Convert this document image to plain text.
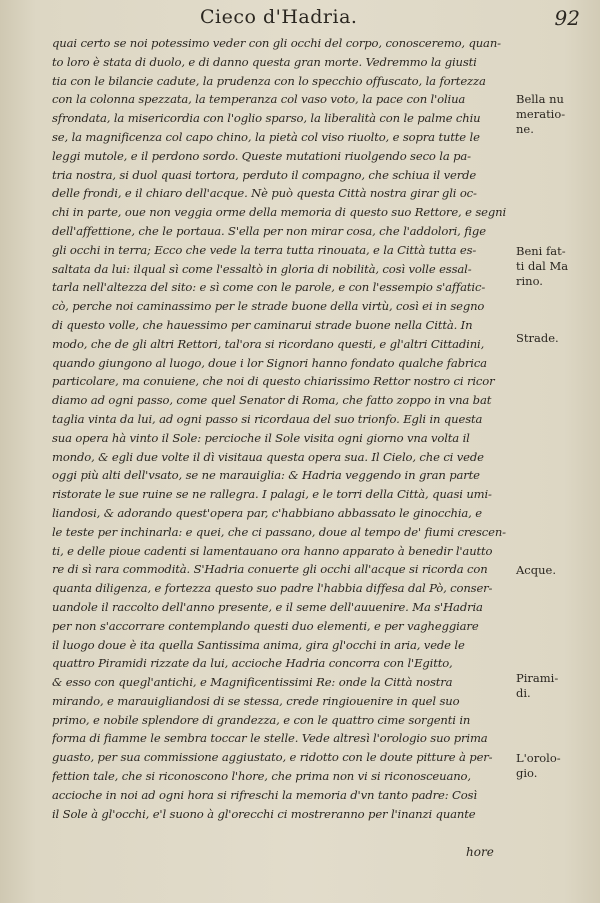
Cieco d'Hadria.	92
quai certo se noi potessimo veder con gli occhi del corpo, conosceremo, quan-
to loro è stata di duolo, e di danno questa gran morte. Vedremmo la giusti
tia con le bilancie cadute, la prudenza con lo specchio offuscato, la fortezza
con la colonna spezzata, la temperanza col vaso voto, la pace con l'oliua
sfrondata, la misericordia con l'oglio sparso, la liberalità con le palme chiu
se, la magnificenza col capo chino, la pietà col viso riuolto, e sopra tutte le
leggi mutole, e il perdono sordo. Queste mutationi riuolgendo seco la pa-
tria nostra, si duol quasi tortora, perduto il compagno, che schiua il verde
delle frondi, e il chiaro dell'acque. Nè può questa Città nostra girar gli oc-
chi in parte, oue non veggia orme della memoria di questo suo Rettore, e segni
dell'affettione, che le portaua. S'ella per non mirar cosa, che l'addolori, fige
gli occhi in terra; Ecco che vede la terra tutta rinouata, e la Città tutta es-
saltata da lui: ilqual sì come l'essaltò in gloria di nobilità, così volle essal-
tarla nell'altezza del sito: e sì come con le parole, e con l'essempio s'affatic-
cò, perche noi caminassimo per le strade buone della virtù, così ei in segno
di questo volle, che hauessimo per caminarui strade buone nella Città. In
modo, che de gli altri Rettori, tal'ora si ricordano questi, e gl'altri Cittadini,
quando giungono al luogo, doue i lor Signori hanno fondato qualche fabrica
particolare, ma conuiene, che noi di questo chiarissimo Rettor nostro ci ricor
diamo ad ogni passo, come quel Senator di Roma, che fatto zoppo in vna bat
taglia vinta da lui, ad ogni passo si ricordaua del suo trionfo. Egli in questa
sua opera hà vinto il Sole: percioche il Sole visita ogni giorno vna volta il
mondo, & egli due volte il dì visitaua questa opera sua. Il Cielo, che ci vede
oggi più alti dell'vsato, se ne marauiglia: & Hadria veggendo in gran parte
ristorate le sue ruine se ne rallegra. I palagi, e le torri della Città, quasi umi-
liandosi, & adorando quest'opera par, c'habbiano abbassato le ginocchia, e
le teste per inchinarla: e quei, che ci passano, doue al tempo de' fiumi crescen-
ti, e delle pioue cadenti si lamentauano ora hanno apparato à benedir l'autto
re di sì rara commodità. S'Hadria conuerte gli occhi all'acque si ricorda con
quanta diligenza, e fortezza questo suo padre l'habbia diffesa dal Pò, conser-
uandole il raccolto dell'anno presente, e il seme dell'auuenire. Ma s'Hadria
per non s'accorrare contemplando questi duo elementi, e per vagheggiare
il luogo doue è ita quella Santissima anima, gira gl'occhi in aria, vede le
quattro Piramidi rizzate da lui, accioche Hadria concorra con l'Egitto,
& esso con quegl'antichi, e Magnificentissimi Re: onde la Città nostra
mirando, e marauigliandosi di se stessa, crede ringiouenire in quel suo
primo, e nobile splendore di grandezza, e con le quattro cime sorgenti in
forma di fiamme le sembra toccar le stelle. Vede altresì l'orologio suo prima
guasto, per sua commissione aggiustato, e ridotto con le doute pitture à per-
fettion tale, che si riconoscono l'hore, che prima non vi si riconosceuano,
accioche in noi ad ogni hora si rifreschi la memoria d'vn tanto padre: Così
il Sole à gl'occhi, e'l suono à gl'orecchi ci mostreranno per l'inanzi quante
Bella nu
meratio-
ne.
Beni fat-
ti dal Ma
rino.
Strade.
Acque.
Pirami-
di.
L'orolo-
gio.
hore
